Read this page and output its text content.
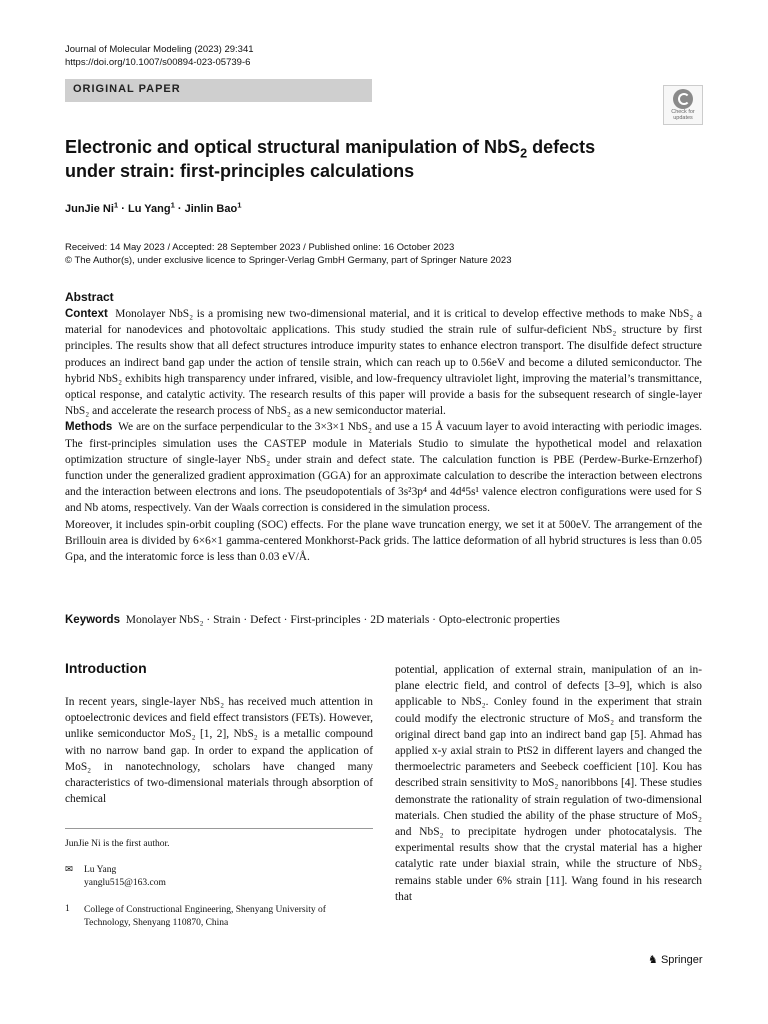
Journal of Molecular Modeling (2023) 29:341
https://doi.org/10.1007/s00894-023-05739-6
ORIGINAL PAPER
Check for
updates
Electronic and optical structural manipulation of NbS$_2$ defects
under strain: first-principles calculations
JunJie $Ni^1 \cdot Lu$ Yang$^1$ · Jinlin Bao$^1$
Received: 14 May 2023 / Accepted: 28 September 2023 / Published online: 16 October 2023
© The Author(s), under exclusive licence to Springer-Verlag GmbH Germany, part of Springer Nature 2023
Abstract

Context Monolayer NbS₂ is a promising new two-dimensional material, and it is critical to develop effective methods to make NbS₂ a material for nanodevices and photovoltaic applications. This study studied the strain rule of sulfur-deficient NbS₂ structure by first principles. The results show that all defect structures introduce impurity states to enhance electron transport. The disulfide defect structure produces an indirect band gap under the action of tensile strain, which can reach up to 0.56eV and become a diluted semiconductor. The hybrid NbS₂ exhibits high transparency under infrared, visible, and low-frequency ultraviolet light, improving the material’s transmittance, optical response, and catalytic activity. The research results of this paper will provide a basis for the subsequent research of single-layer NbS₂ and accelerate the research process of NbS₂ as a new semiconductor material.

Methods We are on the surface perpendicular to the 3×3×1 NbS₂ and use a 15 Å vacuum layer to avoid interacting with periodic images. The first-principles simulation uses the CASTEP module in Materials Studio to simulate the hypothetical model and relaxation optimization structure of single-layer NbS₂ under strain and defect state. The calculation function is PBE (Perdew-Burke-Ernzerhof) function under the generalized gradient approximation (GGA) for an approximate calculation to describe the interaction between electrons and the interaction between electrons and ions. The pseudopotentials of 3s²3p⁴ and 4d⁴5s¹ valence electron configurations were used for S and Nb atoms, respectively. Van der Waals correction is considered in the simulation process.

Moreover, it includes spin-orbit coupling (SOC) effects. For the plane wave truncation energy, we set it at 500eV. The arrangement of the Brillouin area is divided by 6×6×1 gamma-centered Monkhorst-Pack grids. The lattice deformation of all hybrid structures is less than 0.05 Gpa, and the interatomic force is less than 0.03 eV/Å.

Keywords Monolayer NbS₂ · Strain · Defect · First-principles · 2D materials · Opto-electronic properties
Introduction

In recent years, single-layer NbS₂ has received much attention in optoelectronic devices and field effect transistors (FETs). However, unlike semiconductor MoS₂ [1, 2], NbS₂ is a metallic compound with no narrow band gap. In order to expand the application of MoS₂ in nanotechnology, scholars have changed many characteristics of two-dimensional materials through absorption of chemical

JunJie Ni is the first author.
✉ Lu Yang
yanglu515@163.com
1 College of Constructional Engineering, Shenyang University of Technology, Shenyang 110870, China

potential, application of external strain, manipulation of an in-plane electric field, and control of defects [3–9], which is also applicable to NbS₂. Conley found in the experiment that strain could modify the electronic structure of MoS₂ and transform the original direct band gap into an indirect band gap [5]. Ahmad has applied x-y axial strain to PtS2 in different layers and changed the thermoelectric parameters and Seebeck coefficient [10]. Kou has described strain sensitivity to MoS₂ nanoribbons [4]. These studies demonstrate the rationality of strain regulation of two-dimensional materials. Chen studied the ability of the phase structure of MoS₂ and NbS₂ to precipitate hydrogen under photocatalysis. The experimental results show that the crystal material has a higher catalytic rate under biaxial strain, while the structure of NbS₂ remains stable under 6% strain [11]. Wang found in his research that

♞ Springer
